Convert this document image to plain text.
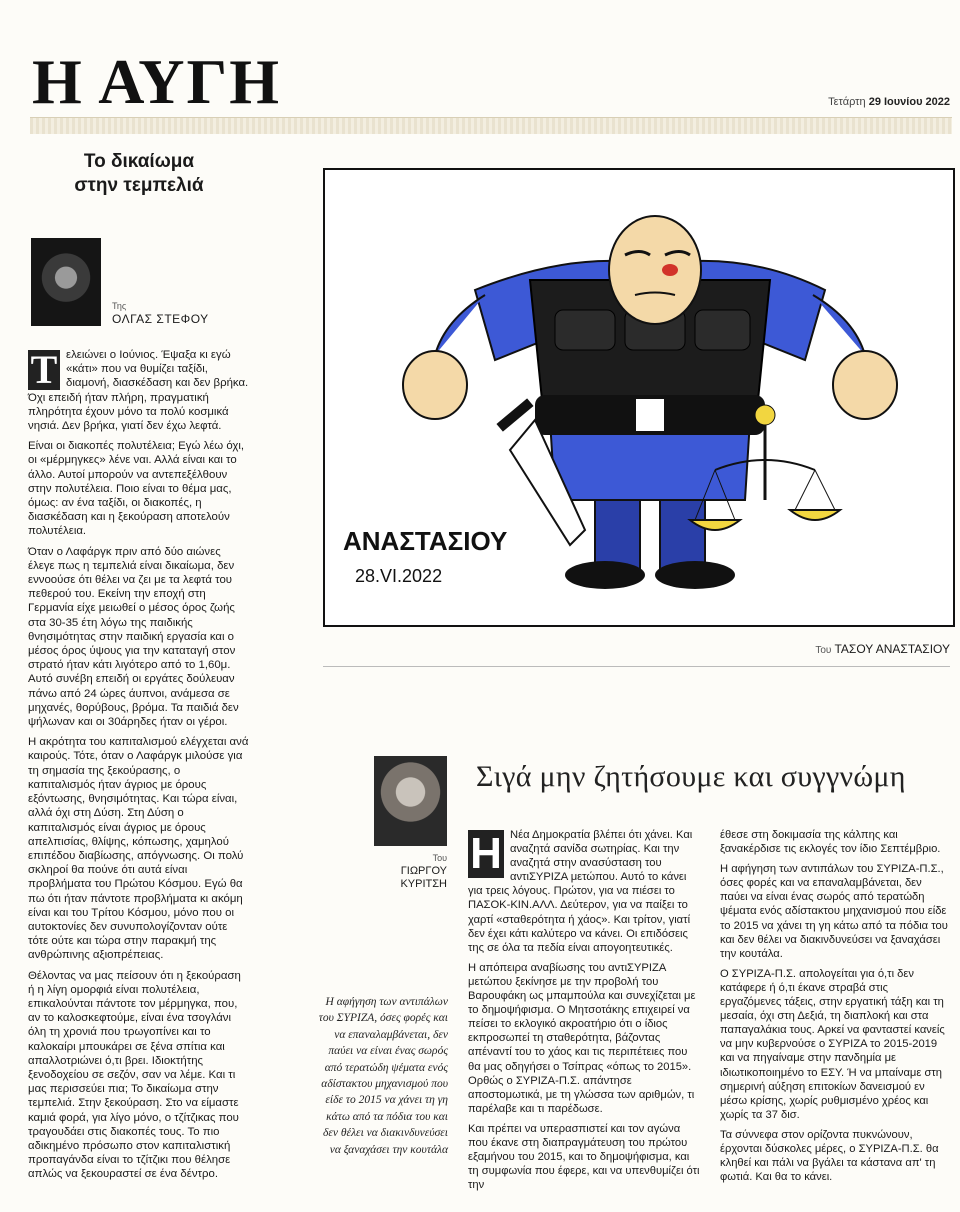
Η ΑΥΓΗ	Τετάρτη 29 Ιουνίου 2022
Το δικαίωμα
στην τεμπελιά
Της
ΟΛΓΑΣ ΣΤΕΦΟΥ

Τ ελειώνει ο Ιούνιος. Έψαξα κι εγώ «κάτι» που να θυμίζει ταξίδι, διαμονή, διασκέδαση και δεν βρήκα. Όχι επειδή ήταν πλήρη, πραγματική πληρότητα έχουν μόνο τα πολύ κοσμικά νησιά. Δεν βρήκα, γιατί δεν έχω λεφτά.

Είναι οι διακοπές πολυτέλεια; Εγώ λέω όχι, οι «μέρμηγκες» λένε ναι. Αλλά είναι και το άλλο. Αυτοί μπορούν να αντεπεξέλθουν στην πολυτέλεια. Ποιο είναι το θέμα μας, όμως: αν ένα ταξίδι, οι διακοπές, η διασκέδαση και η ξεκούραση αποτελούν πολυτέλεια.

Όταν ο Λαφάργκ πριν από δύο αιώνες έλεγε πως η τεμπελιά είναι δικαίωμα, δεν εννοούσε ότι θέλει να ζει με τα λεφτά του πεθερού του. Εκείνη την εποχή στη Γερμανία είχε μειωθεί ο μέσος όρος ζωής στα 30-35 έτη λόγω της παιδικής θνησιμότητας στην παιδική εργασία και ο μέσος όρος ύψους για την καταταγή στον στρατό ήταν κάτι λιγότερο από το 1,60μ. Αυτό συνέβη επειδή οι εργάτες δούλευαν πάνω από 24 ώρες άυπνοι, ανάμεσα σε μηχανές, θορύβους, βρόμα. Τα παιδιά δεν ψήλωναν και οι 30άρηδες ήταν οι γέροι.

Η ακρότητα του καπιταλισμού ελέγχεται ανά καιρούς. Τότε, όταν ο Λαφάργκ μιλούσε για τη σημασία της ξεκούρασης, ο καπιταλισμός ήταν άγριος με όρους εξόντωσης, θνησιμότητας. Και τώρα είναι, αλλά όχι στη Δύση. Στη Δύση ο καπιταλισμός είναι άγριος με όρους απελπισίας, θλίψης, κόπωσης, χαμηλού επιπέδου διαβίωσης, απόγνωσης. Οι πολύ σκληροί θα πούνε ότι αυτά είναι προβλήματα του Πρώτου Κόσμου. Εγώ θα πω ότι ήταν πάντοτε προβλήματα κι ακόμη είναι και του Τρίτου Κόσμου, μόνο που οι αυτοκτονίες δεν συνυπολογίζονταν ούτε τότε ούτε και τώρα στην παρακμή της ανθρώπινης αξιοπρέπειας.

Θέλοντας να μας πείσουν ότι η ξεκούραση ή η λίγη ομορφιά είναι πολυτέλεια, επικαλούνται πάντοτε τον μέρμηγκα, που, αν το καλοσκεφτούμε, είναι ένα τσογλάνι όλη τη χρονιά που τρωγοπίνει και το καλοκαίρι μπουκάρει σε ξένα σπίτια και απαλλοτριώνει ό,τι βρει. Ιδιοκτήτης ξενοδοχείου σε σεζόν, σαν να λέμε. Και τι μας περισσεύει πια; Το δικαίωμα στην τεμπελιά. Στην ξεκούραση. Στο να είμαστε καμιά φορά, για λίγο μόνο, ο τζίτζικας που τραγουδάει στις διακοπές τους. Το πιο αδικημένο πρόσωπο στον καπιταλιστική προπαγάνδα είναι το τζίτζικι που θέλησε απλώς να ξεκουραστεί σε ένα δέντρο.

ΑΝΑΣΤΑΣΙΟΥ
28.VI.2022
Του ΤΑΣΟΥ ΑΝΑΣΤΑΣΙΟΥ
Του
ΓΙΩΡΓΟΥ
ΚΥΡΙΤΣΗ
Σιγά μην ζητήσουμε και συγγνώμη
Η αφήγηση των αντιπάλων του ΣΥΡΙΖΑ, όσες φορές και να επαναλαμβάνεται, δεν παύει να είναι ένας σωρός από τερατώδη ψέματα ενός αδίστακτου μηχανισμού που είδε το 2015 να χάνει τη γη κάτω από τα πόδια του και δεν θέλει να διακινδυνεύσει να ξαναχάσει την κουτάλα

Η Νέα Δημοκρατία βλέπει ότι χάνει. Και αναζητά σανίδα σωτηρίας. Και την αναζητά στην ανασύσταση του αντιΣΥΡΙΖΑ μετώπου. Αυτό το κάνει για τρεις λόγους. Πρώτον, για να πιέσει το ΠΑΣΟΚ-ΚΙΝ.ΑΛΛ. Δεύτερον, για να παίξει το χαρτί «σταθερότητα ή χάος». Και τρίτον, γιατί δεν έχει κάτι καλύτερο να κάνει. Οι επιδόσεις της σε όλα τα πεδία είναι απογοητευτικές.

Η απόπειρα αναβίωσης του αντιΣΥΡΙΖΑ μετώπου ξεκίνησε με την προβολή του Βαρουφάκη ως μπαμπούλα και συνεχίζεται με το δημοψήφισμα. Ο Μητσοτάκης επιχειρεί να πείσει το εκλογικό ακροατήριο ότι ο ίδιος εκπροσωπεί τη σταθερότητα, βάζοντας απέναντί του το χάος και τις περιπέτειες που θα μας οδηγήσει ο Τσίπρας «όπως το 2015». Ορθώς ο ΣΥΡΙΖΑ-Π.Σ. απάντησε αποστομωτικά, με τη γλώσσα των αριθμών, τι παρέλαβε και τι παρέδωσε.

Και πρέπει να υπερασπιστεί και τον αγώνα που έκανε στη διαπραγμάτευση του πρώτου εξαμήνου του 2015, και το δημοψήφισμα, και τη συμφωνία που έφερε, και να υπενθυμίζει ότι την

έθεσε στη δοκιμασία της κάλπης και ξανακέρδισε τις εκλογές τον ίδιο Σεπτέμβριο.

Η αφήγηση των αντιπάλων του ΣΥΡΙΖΑ-Π.Σ., όσες φορές και να επαναλαμβάνεται, δεν παύει να είναι ένας σωρός από τερατώδη ψέματα ενός αδίστακτου μηχανισμού που είδε το 2015 να χάνει τη γη κάτω από τα πόδια του και δεν θέλει να διακινδυνεύσει να ξαναχάσει την κουτάλα.

Ο ΣΥΡΙΖΑ-Π.Σ. απολογείται για ό,τι δεν κατάφερε ή ό,τι έκανε στραβά στις εργαζόμενες τάξεις, στην εργατική τάξη και τη μεσαία, όχι στη Δεξιά, τη διαπλοκή και στα παπαγαλάκια τους. Αρκεί να φανταστεί κανείς να μην κυβερνούσε ο ΣΥΡΙΖΑ το 2015-2019 και να πηγαίναμε στην πανδημία με ιδιωτικοποιημένο το ΕΣΥ. Ή να μπαίναμε στη σημερινή αύξηση επιτοκίων δανεισμού εν μέσω κρίσης, χωρίς ρυθμισμένο χρέος και χωρίς τα 37 δισ.

Τα σύννεφα στον ορίζοντα πυκνώνουν, έρχονται δύσκολες μέρες, ο ΣΥΡΙΖΑ-Π.Σ. θα κληθεί και πάλι να βγάλει τα κάστανα απ' τη φωτιά. Και θα το κάνει.
